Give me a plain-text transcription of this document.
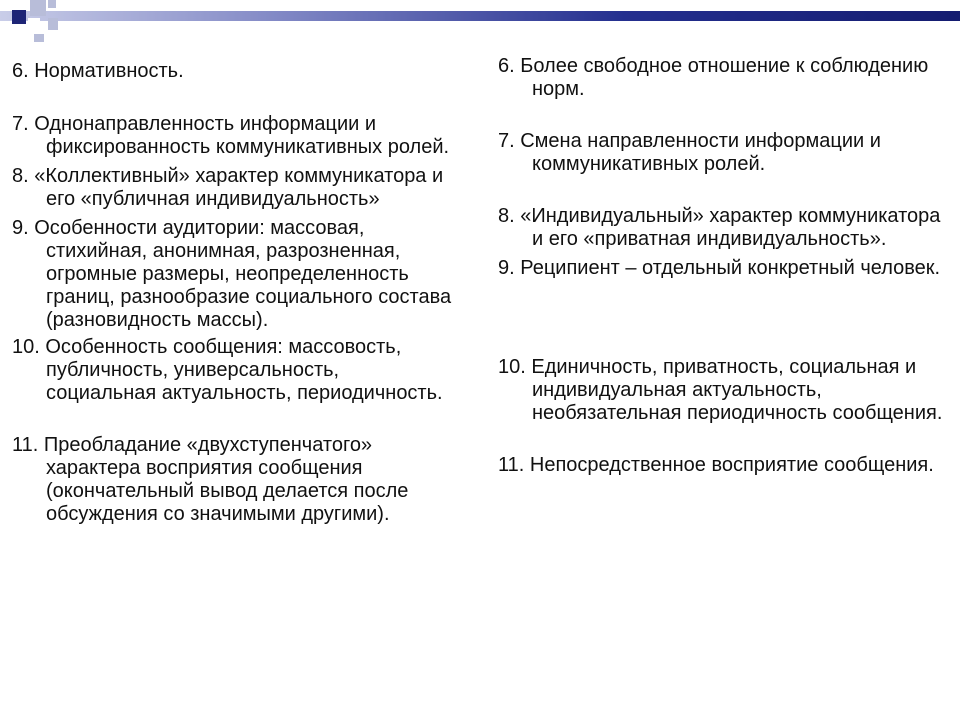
6. Нормативность.

7. Однонаправленность информации и фиксированность коммуникативных ролей.

8. «Коллективный» характер коммуникатора и его «публичная индивидуальность»

9. Особенности аудитории: массовая, стихийная, анонимная, разрозненная, огромные размеры, неопределенность границ, разнообразие социального состава (разновидность массы).

10. Особенность сообщения: массовость, публичность, универсальность, социальная актуальность, периодичность.

11. Преобладание «двухступенчатого» характера восприятия сообщения (окончательный вывод делается после обсуждения со значимыми другими).

6. Более свободное отношение к соблюдению норм.

7. Смена направленности информации и коммуникативных ролей.

8. «Индивидуальный» характер коммуникатора и его «приватная индивидуальность».

9. Реципиент – отдельный конкретный человек.

10. Единичность, приватность, социальная и индивидуальная актуальность, необязательная периодичность сообщения.

11. Непосредственное восприятие сообщения.
